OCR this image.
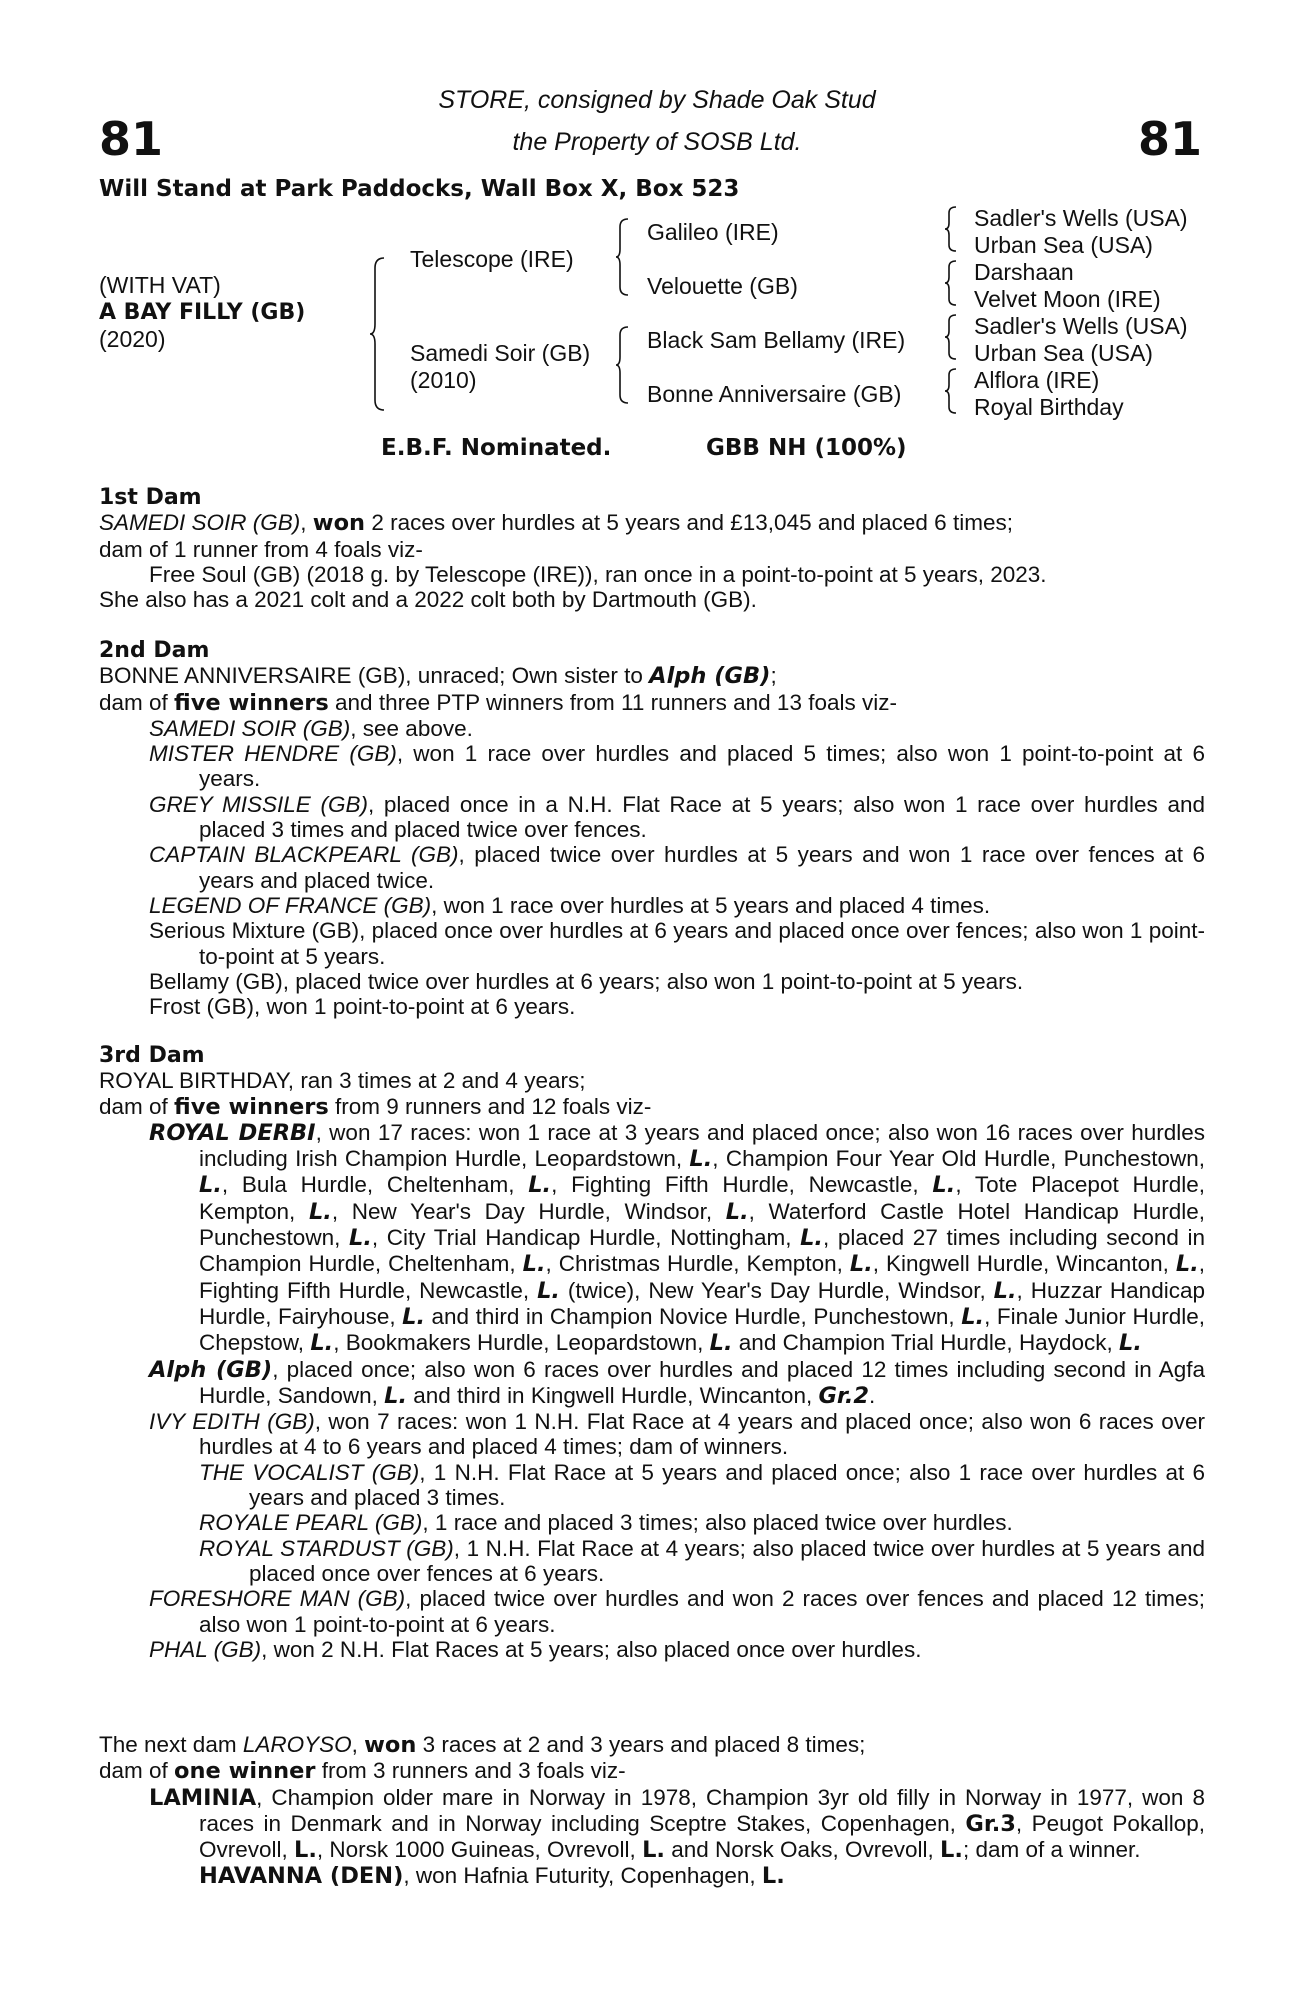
81	81
STORE, consigned by Shade Oak Stud
the Property of SOSB Ltd.
Will Stand at Park Paddocks, Wall Box X, Box 523
(WITH VAT)
A BAY FILLY (GB)
(2020)
Telescope (IRE)
Samedi Soir (GB)
(2010)
Galileo (IRE)
Velouette (GB)
Black Sam Bellamy (IRE)
Bonne Anniversaire (GB)
Sadler's Wells (USA)
Urban Sea (USA)
Darshaan
Velvet Moon (IRE)
Sadler's Wells (USA)
Urban Sea (USA)
Alflora (IRE)
Royal Birthday
E.B.F. Nominated.	GBB NH (100%)

1st Dam

SAMEDI SOIR (GB), won 2 races over hurdles at 5 years and £13,045 and placed 6 times;

dam of 1 runner from 4 foals viz-

Free Soul (GB) (2018 g. by Telescope (IRE)), ran once in a point-to-point at 5 years, 2023.

She also has a 2021 colt and a 2022 colt both by Dartmouth (GB).

2nd Dam

BONNE ANNIVERSAIRE (GB), unraced; Own sister to Alph (GB);

dam of five winners and three PTP winners from 11 runners and 13 foals viz-

SAMEDI SOIR (GB), see above.

MISTER HENDRE (GB), won 1 race over hurdles and placed 5 times; also won 1 point-to-point at 6 years.

GREY MISSILE (GB), placed once in a N.H. Flat Race at 5 years; also won 1 race over hurdles and placed 3 times and placed twice over fences.

CAPTAIN BLACKPEARL (GB), placed twice over hurdles at 5 years and won 1 race over fences at 6 years and placed twice.

LEGEND OF FRANCE (GB), won 1 race over hurdles at 5 years and placed 4 times.

Serious Mixture (GB), placed once over hurdles at 6 years and placed once over fences; also won 1 point-to-point at 5 years.

Bellamy (GB), placed twice over hurdles at 6 years; also won 1 point-to-point at 5 years.

Frost (GB), won 1 point-to-point at 6 years.

3rd Dam

ROYAL BIRTHDAY, ran 3 times at 2 and 4 years;

dam of five winners from 9 runners and 12 foals viz-

ROYAL DERBI, won 17 races: won 1 race at 3 years and placed once; also won 16 races over hurdles including Irish Champion Hurdle, Leopardstown, L., Champion Four Year Old Hurdle, Punchestown, L., Bula Hurdle, Cheltenham, L., Fighting Fifth Hurdle, Newcastle, L., Tote Placepot Hurdle, Kempton, L., New Year's Day Hurdle, Windsor, L., Waterford Castle Hotel Handicap Hurdle, Punchestown, L., City Trial Handicap Hurdle, Nottingham, L., placed 27 times including second in Champion Hurdle, Cheltenham, L., Christmas Hurdle, Kempton, L., Kingwell Hurdle, Wincanton, L., Fighting Fifth Hurdle, Newcastle, L. (twice), New Year's Day Hurdle, Windsor, L., Huzzar Handicap Hurdle, Fairyhouse, L. and third in Champion Novice Hurdle, Punchestown, L., Finale Junior Hurdle, Chepstow, L., Bookmakers Hurdle, Leopardstown, L. and Champion Trial Hurdle, Haydock, L.

Alph (GB), placed once; also won 6 races over hurdles and placed 12 times including second in Agfa Hurdle, Sandown, L. and third in Kingwell Hurdle, Wincanton, Gr.2.

IVY EDITH (GB), won 7 races: won 1 N.H. Flat Race at 4 years and placed once; also won 6 races over hurdles at 4 to 6 years and placed 4 times; dam of winners.

THE VOCALIST (GB), 1 N.H. Flat Race at 5 years and placed once; also 1 race over hurdles at 6 years and placed 3 times.

ROYALE PEARL (GB), 1 race and placed 3 times; also placed twice over hurdles.

ROYAL STARDUST (GB), 1 N.H. Flat Race at 4 years; also placed twice over hurdles at 5 years and placed once over fences at 6 years.

FORESHORE MAN (GB), placed twice over hurdles and won 2 races over fences and placed 12 times; also won 1 point-to-point at 6 years.

PHAL (GB), won 2 N.H. Flat Races at 5 years; also placed once over hurdles.

The next dam LAROYSO, won 3 races at 2 and 3 years and placed 8 times;

dam of one winner from 3 runners and 3 foals viz-

LAMINIA, Champion older mare in Norway in 1978, Champion 3yr old filly in Norway in 1977, won 8 races in Denmark and in Norway including Sceptre Stakes, Copenhagen, Gr.3, Peugot Pokallop, Ovrevoll, L., Norsk 1000 Guineas, Ovrevoll, L. and Norsk Oaks, Ovrevoll, L.; dam of a winner.

HAVANNA (DEN), won Hafnia Futurity, Copenhagen, L.
